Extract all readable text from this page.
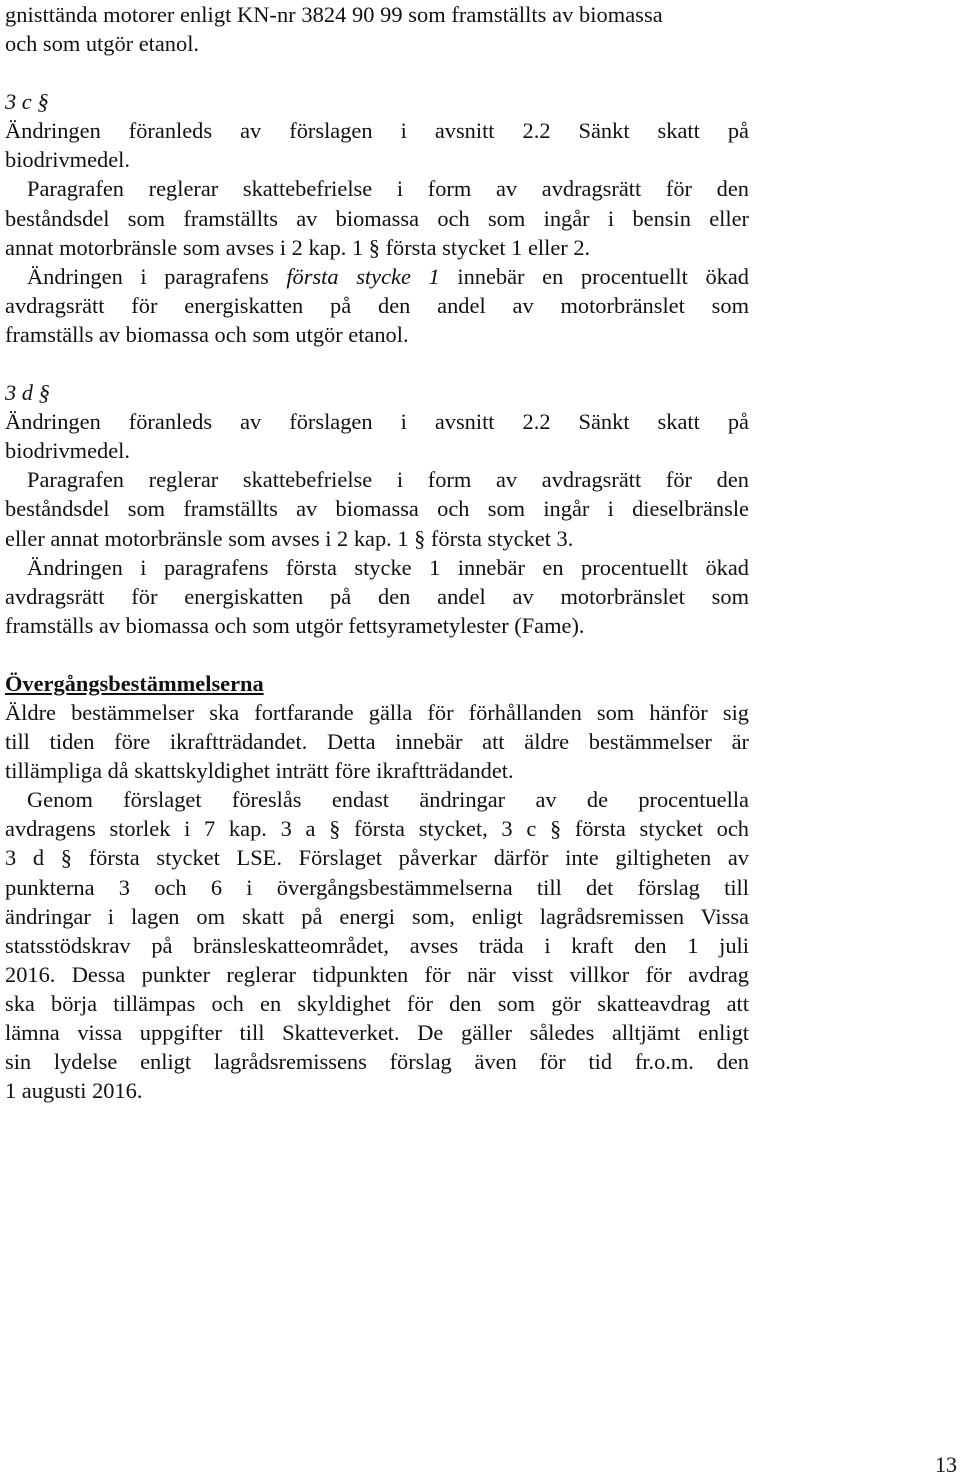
gnisttända motorer enligt KN-nr 3824 90 99 som framställts av biomassa
och som utgör etanol.
3 c §
Ändringen föranleds av förslagen i avsnitt 2.2 Sänkt skatt på
biodrivmedel.
Paragrafen reglerar skattebefrielse i form av avdragsrätt för den
beståndsdel som framställts av biomassa och som ingår i bensin eller
annat motorbränsle som avses i 2 kap. 1 § första stycket 1 eller 2.
Ändringen i paragrafens första stycke 1 innebär en procentuellt ökad
avdragsrätt för energiskatten på den andel av motorbränslet som
framställs av biomassa och som utgör etanol.
3 d §
Ändringen föranleds av förslagen i avsnitt 2.2 Sänkt skatt på
biodrivmedel.
Paragrafen reglerar skattebefrielse i form av avdragsrätt för den
beståndsdel som framställts av biomassa och som ingår i dieselbränsle
eller annat motorbränsle som avses i 2 kap. 1 § första stycket 3.
Ändringen i paragrafens första stycke 1 innebär en procentuellt ökad
avdragsrätt för energiskatten på den andel av motorbränslet som
framställs av biomassa och som utgör fettsyrametylester (Fame).
Övergångsbestämmelserna
Äldre bestämmelser ska fortfarande gälla för förhållanden som hänför sig
till tiden före ikraftträdandet. Detta innebär att äldre bestämmelser är
tillämpliga då skattskyldighet inträtt före ikraftträdandet.
Genom förslaget föreslås endast ändringar av de procentuella
avdragens storlek i 7 kap. 3 a § första stycket, 3 c § första stycket och
3 d § första stycket LSE. Förslaget påverkar därför inte giltigheten av
punkterna 3 och 6 i övergångsbestämmelserna till det förslag till
ändringar i lagen om skatt på energi som, enligt lagrådsremissen Vissa
statsstödskrav på bränsleskatteområdet, avses träda i kraft den 1 juli
2016. Dessa punkter reglerar tidpunkten för när visst villkor för avdrag
ska börja tillämpas och en skyldighet för den som gör skatteavdrag att
lämna vissa uppgifter till Skatteverket. De gäller således alltjämt enligt
sin lydelse enligt lagrådsremissens förslag även för tid fr.o.m. den
1 augusti 2016.
13
